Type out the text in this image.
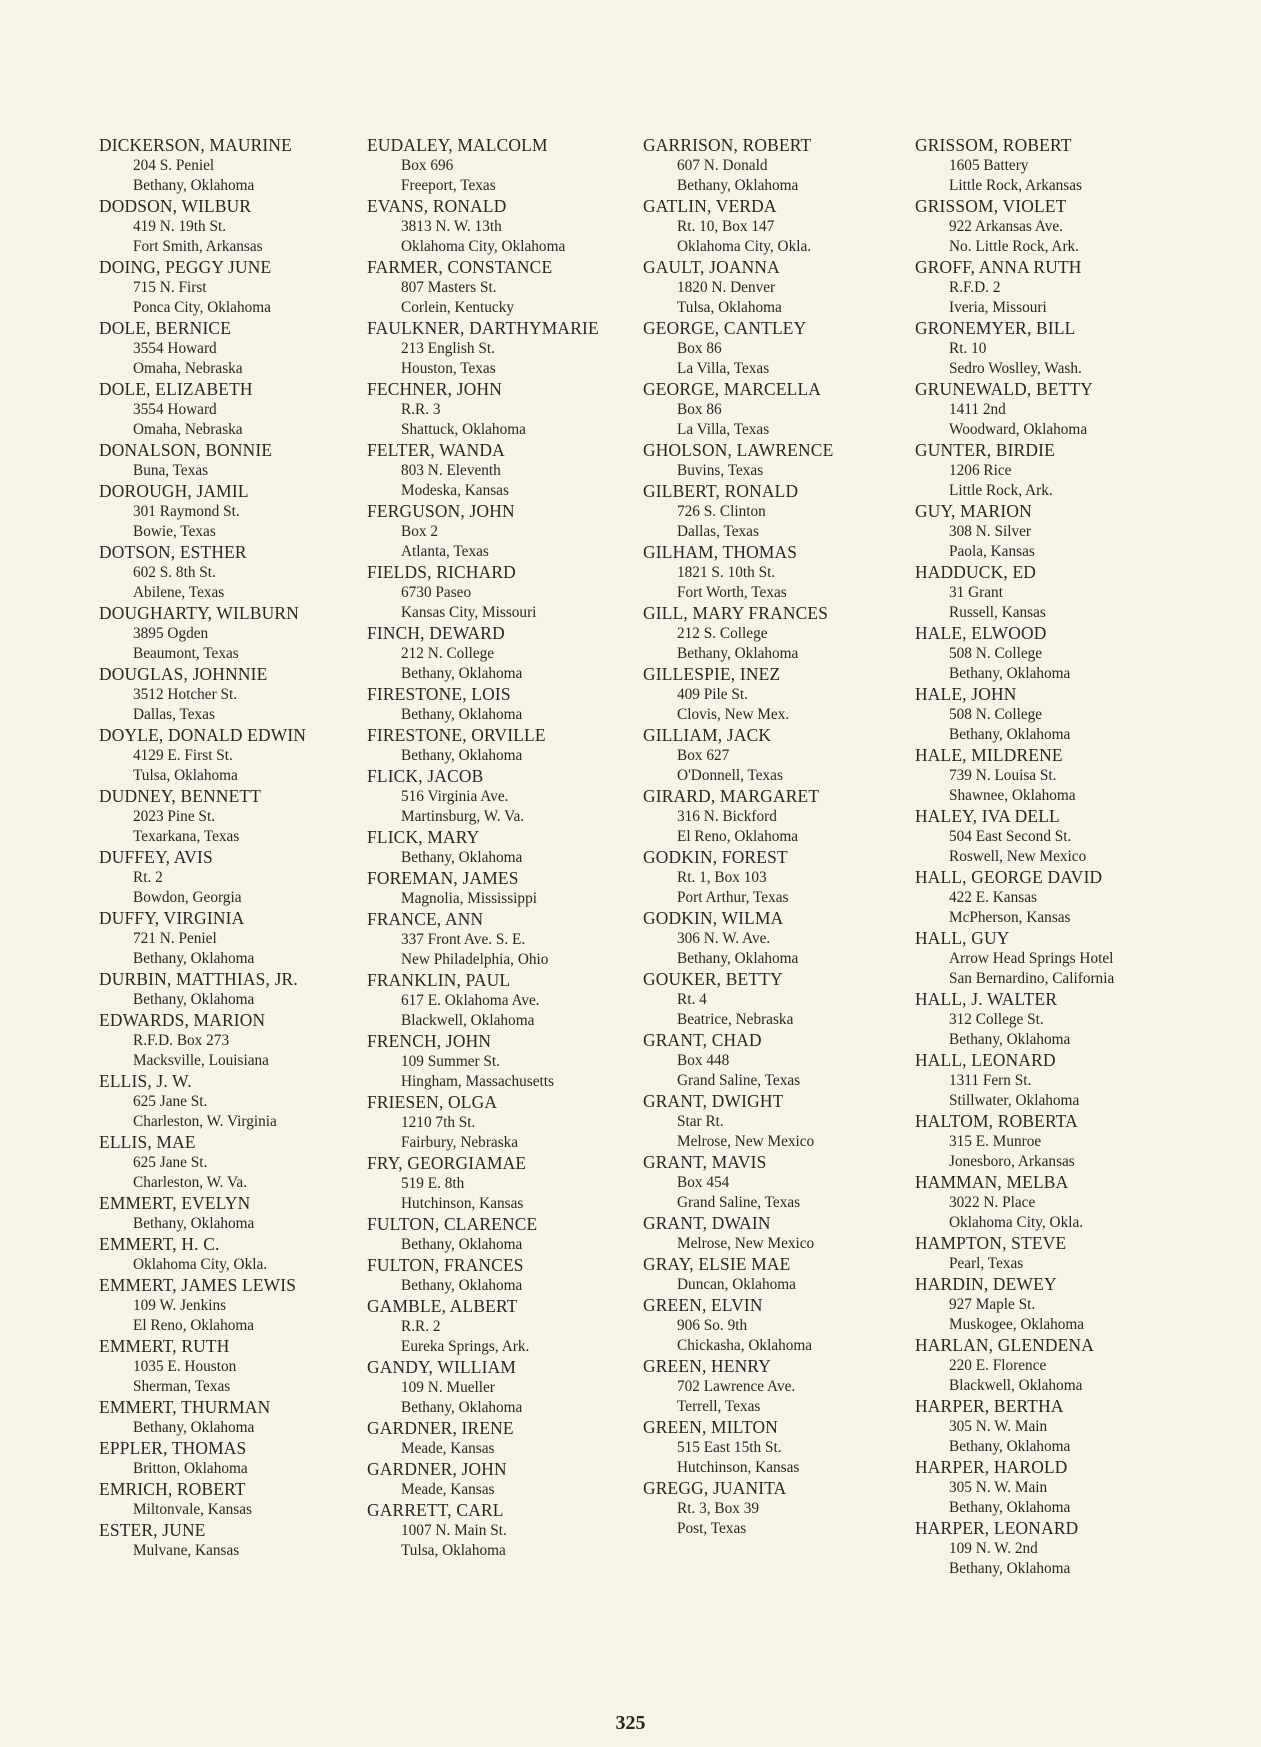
DICKERSON, MAURINE
204 S. Peniel
Bethany, Oklahoma
DODSON, WILBUR
419 N. 19th St.
Fort Smith, Arkansas
DOING, PEGGY JUNE
715 N. First
Ponca City, Oklahoma
DOLE, BERNICE
3554 Howard
Omaha, Nebraska
DOLE, ELIZABETH
3554 Howard
Omaha, Nebraska
DONALSON, BONNIE
Buna, Texas
DOROUGH, JAMIL
301 Raymond St.
Bowie, Texas
DOTSON, ESTHER
602 S. 8th St.
Abilene, Texas
DOUGHARTY, WILBURN
3895 Ogden
Beaumont, Texas
DOUGLAS, JOHNNIE
3512 Hotcher St.
Dallas, Texas
DOYLE, DONALD EDWIN
4129 E. First St.
Tulsa, Oklahoma
DUDNEY, BENNETT
2023 Pine St.
Texarkana, Texas
DUFFEY, AVIS
Rt. 2
Bowdon, Georgia
DUFFY, VIRGINIA
721 N. Peniel
Bethany, Oklahoma
DURBIN, MATTHIAS, JR.
Bethany, Oklahoma
EDWARDS, MARION
R.F.D. Box 273
Macksville, Louisiana
ELLIS, J. W.
625 Jane St.
Charleston, W. Virginia
ELLIS, MAE
625 Jane St.
Charleston, W. Va.
EMMERT, EVELYN
Bethany, Oklahoma
EMMERT, H. C.
Oklahoma City, Okla.
EMMERT, JAMES LEWIS
109 W. Jenkins
El Reno, Oklahoma
EMMERT, RUTH
1035 E. Houston
Sherman, Texas
EMMERT, THURMAN
Bethany, Oklahoma
EPPLER, THOMAS
Britton, Oklahoma
EMRICH, ROBERT
Miltonvale, Kansas
ESTER, JUNE
Mulvane, Kansas
EUDALEY, MALCOLM
Box 696
Freeport, Texas
EVANS, RONALD
3813 N. W. 13th
Oklahoma City, Oklahoma
FARMER, CONSTANCE
807 Masters St.
Corlein, Kentucky
FAULKNER, DARTHYMARIE
213 English St.
Houston, Texas
FECHNER, JOHN
R.R. 3
Shattuck, Oklahoma
FELTER, WANDA
803 N. Eleventh
Modeska, Kansas
FERGUSON, JOHN
Box 2
Atlanta, Texas
FIELDS, RICHARD
6730 Paseo
Kansas City, Missouri
FINCH, DEWARD
212 N. College
Bethany, Oklahoma
FIRESTONE, LOIS
Bethany, Oklahoma
FIRESTONE, ORVILLE
Bethany, Oklahoma
FLICK, JACOB
516 Virginia Ave.
Martinsburg, W. Va.
FLICK, MARY
Bethany, Oklahoma
FOREMAN, JAMES
Magnolia, Mississippi
FRANCE, ANN
337 Front Ave. S. E.
New Philadelphia, Ohio
FRANKLIN, PAUL
617 E. Oklahoma Ave.
Blackwell, Oklahoma
FRENCH, JOHN
109 Summer St.
Hingham, Massachusetts
FRIESEN, OLGA
1210 7th St.
Fairbury, Nebraska
FRY, GEORGIAMAE
519 E. 8th
Hutchinson, Kansas
FULTON, CLARENCE
Bethany, Oklahoma
FULTON, FRANCES
Bethany, Oklahoma
GAMBLE, ALBERT
R.R. 2
Eureka Springs, Ark.
GANDY, WILLIAM
109 N. Mueller
Bethany, Oklahoma
GARDNER, IRENE
Meade, Kansas
GARDNER, JOHN
Meade, Kansas
GARRETT, CARL
1007 N. Main St.
Tulsa, Oklahoma
GARRISON, ROBERT
607 N. Donald
Bethany, Oklahoma
GATLIN, VERDA
Rt. 10, Box 147
Oklahoma City, Okla.
GAULT, JOANNA
1820 N. Denver
Tulsa, Oklahoma
GEORGE, CANTLEY
Box 86
La Villa, Texas
GEORGE, MARCELLA
Box 86
La Villa, Texas
GHOLSON, LAWRENCE
Buvins, Texas
GILBERT, RONALD
726 S. Clinton
Dallas, Texas
GILHAM, THOMAS
1821 S. 10th St.
Fort Worth, Texas
GILL, MARY FRANCES
212 S. College
Bethany, Oklahoma
GILLESPIE, INEZ
409 Pile St.
Clovis, New Mex.
GILLIAM, JACK
Box 627
O'Donnell, Texas
GIRARD, MARGARET
316 N. Bickford
El Reno, Oklahoma
GODKIN, FOREST
Rt. 1, Box 103
Port Arthur, Texas
GODKIN, WILMA
306 N. W. Ave.
Bethany, Oklahoma
GOUKER, BETTY
Rt. 4
Beatrice, Nebraska
GRANT, CHAD
Box 448
Grand Saline, Texas
GRANT, DWIGHT
Star Rt.
Melrose, New Mexico
GRANT, MAVIS
Box 454
Grand Saline, Texas
GRANT, DWAIN
Melrose, New Mexico
GRAY, ELSIE MAE
Duncan, Oklahoma
GREEN, ELVIN
906 So. 9th
Chickasha, Oklahoma
GREEN, HENRY
702 Lawrence Ave.
Terrell, Texas
GREEN, MILTON
515 East 15th St.
Hutchinson, Kansas
GREGG, JUANITA
Rt. 3, Box 39
Post, Texas
GRISSOM, ROBERT
1605 Battery
Little Rock, Arkansas
GRISSOM, VIOLET
922 Arkansas Ave.
No. Little Rock, Ark.
GROFF, ANNA RUTH
R.F.D. 2
Iveria, Missouri
GRONEMYER, BILL
Rt. 10
Sedro Woslley, Wash.
GRUNEWALD, BETTY
1411 2nd
Woodward, Oklahoma
GUNTER, BIRDIE
1206 Rice
Little Rock, Ark.
GUY, MARION
308 N. Silver
Paola, Kansas
HADDUCK, ED
31 Grant
Russell, Kansas
HALE, ELWOOD
508 N. College
Bethany, Oklahoma
HALE, JOHN
508 N. College
Bethany, Oklahoma
HALE, MILDRENE
739 N. Louisa St.
Shawnee, Oklahoma
HALEY, IVA DELL
504 East Second St.
Roswell, New Mexico
HALL, GEORGE DAVID
422 E. Kansas
McPherson, Kansas
HALL, GUY
Arrow Head Springs Hotel
San Bernardino, California
HALL, J. WALTER
312 College St.
Bethany, Oklahoma
HALL, LEONARD
1311 Fern St.
Stillwater, Oklahoma
HALTOM, ROBERTA
315 E. Munroe
Jonesboro, Arkansas
HAMMAN, MELBA
3022 N. Place
Oklahoma City, Okla.
HAMPTON, STEVE
Pearl, Texas
HARDIN, DEWEY
927 Maple St.
Muskogee, Oklahoma
HARLAN, GLENDENA
220 E. Florence
Blackwell, Oklahoma
HARPER, BERTHA
305 N. W. Main
Bethany, Oklahoma
HARPER, HAROLD
305 N. W. Main
Bethany, Oklahoma
HARPER, LEONARD
109 N. W. 2nd
Bethany, Oklahoma
325
